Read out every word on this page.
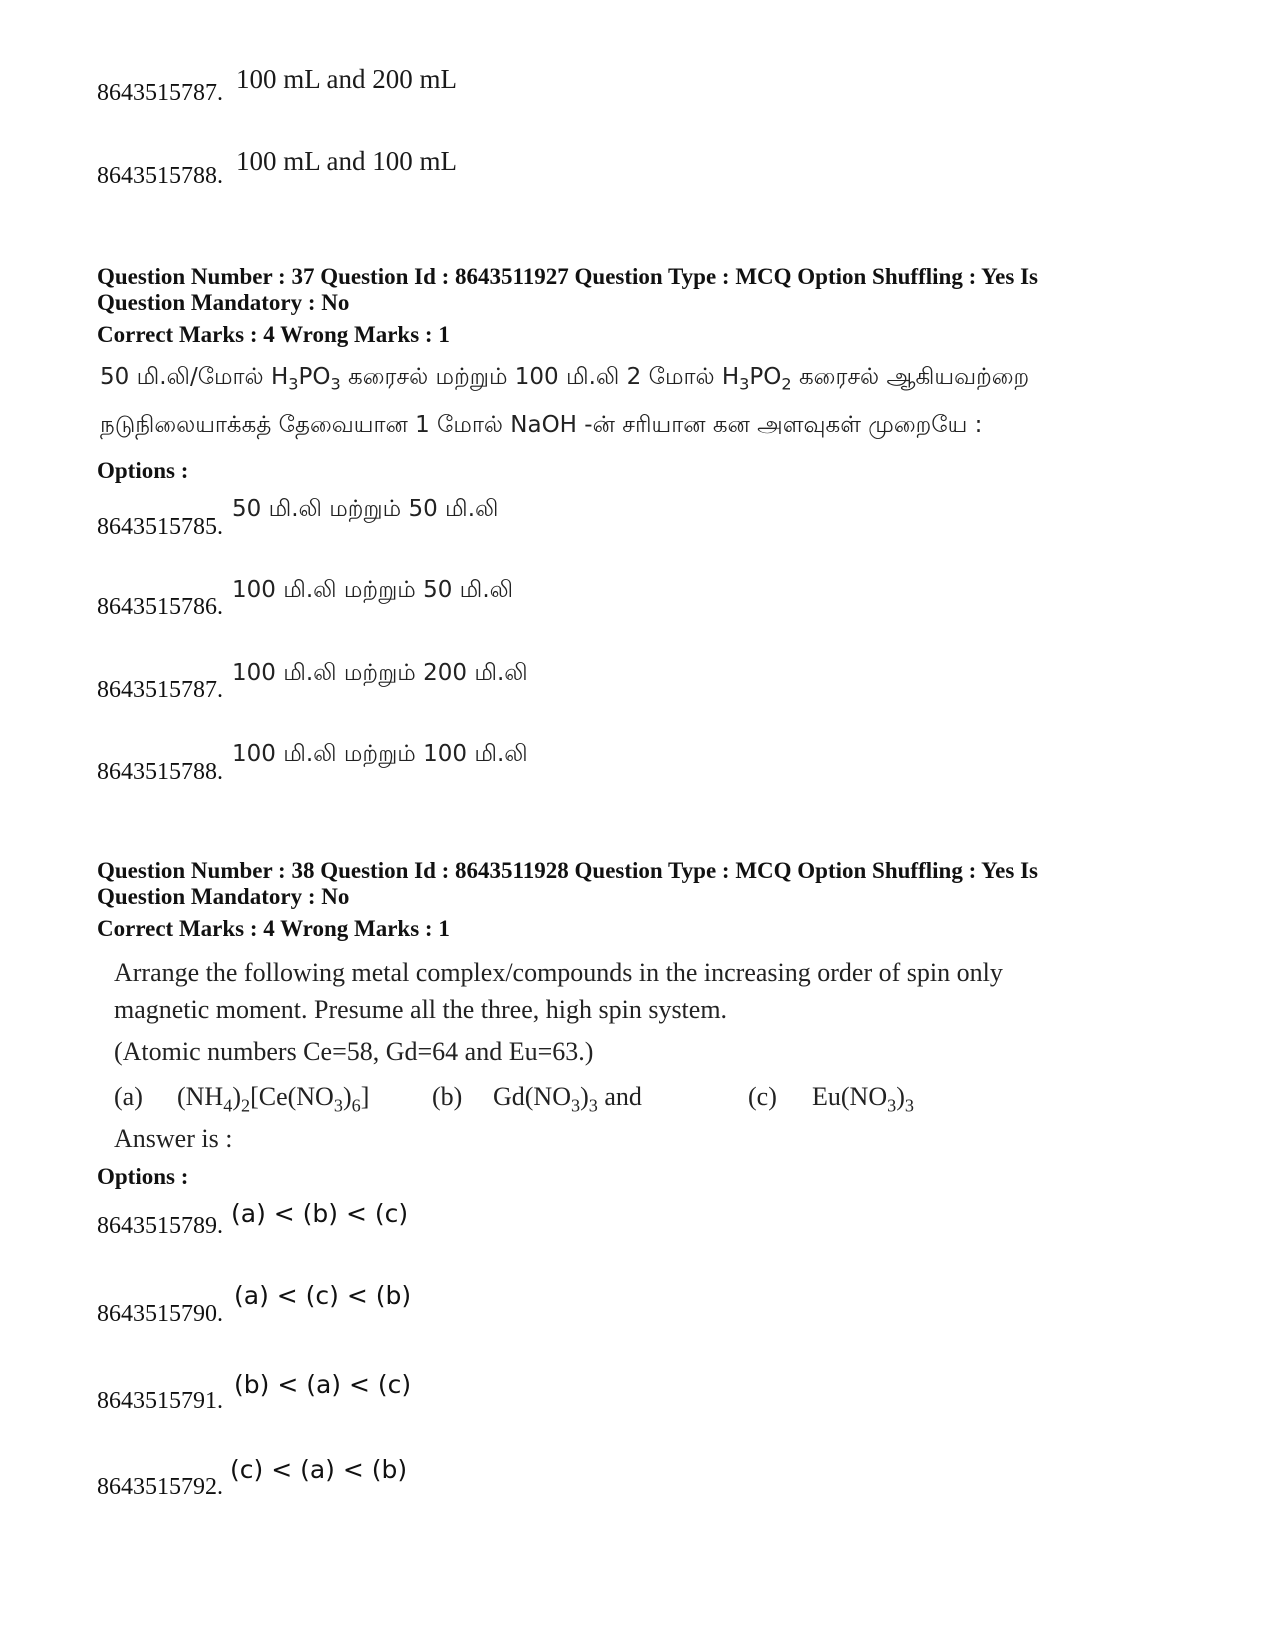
8643515787. 100 mL and 200 mL
8643515788. 100 mL and 100 mL
Question Number : 37 Question Id : 8643511927 Question Type : MCQ Option Shuffling : Yes Is
Question Mandatory : No
Correct Marks : 4 Wrong Marks : 1
50 மி.லி/மோல் $H_3PO_3$ கரைசல் மற்றும் 100 மி.லி 2 மோல் $H_3PO_2$ கரைசல் ஆகியவற்றை
நடுநிலையாக்கத் தேவையான 1 மோல் NaOH -ன் சரியான கன அளவுகள் முறையே :
Options :
8643515785.
50 மி.லி மற்றும் 50 மி.லி
8643515786.
100 மி.லி மற்றும் 50 மி.லி
8643515787.
100 மி.லி மற்றும் 200 மி.லி
8643515788.
100 மி.லி மற்றும் 100 மி.லி
Question Number : 38 Question Id : 8643511928 Question Type : MCQ Option Shuffling : Yes Is
Question Mandatory : No
Correct Marks : 4 Wrong Marks : 1
Arrange the following metal complex/compounds in the increasing order of spin only
magnetic moment. Presume all the three, high spin system.
(Atomic numbers Ce=58, Gd=64 and Eu=63.)
(a) $(NH_4)_2[Ce(NO_3)_6]$ (b) $Gd(NO_3)_3$ and	(c) $Eu(NO_3)_3$
Answer is :
Options :
8643515789. (a) < (b) < (c)
8643515790.
(a) < (c) < (b)
8643515791.
(b) < (a) < (c)
8643515792.
(c) < (a) < (b)
